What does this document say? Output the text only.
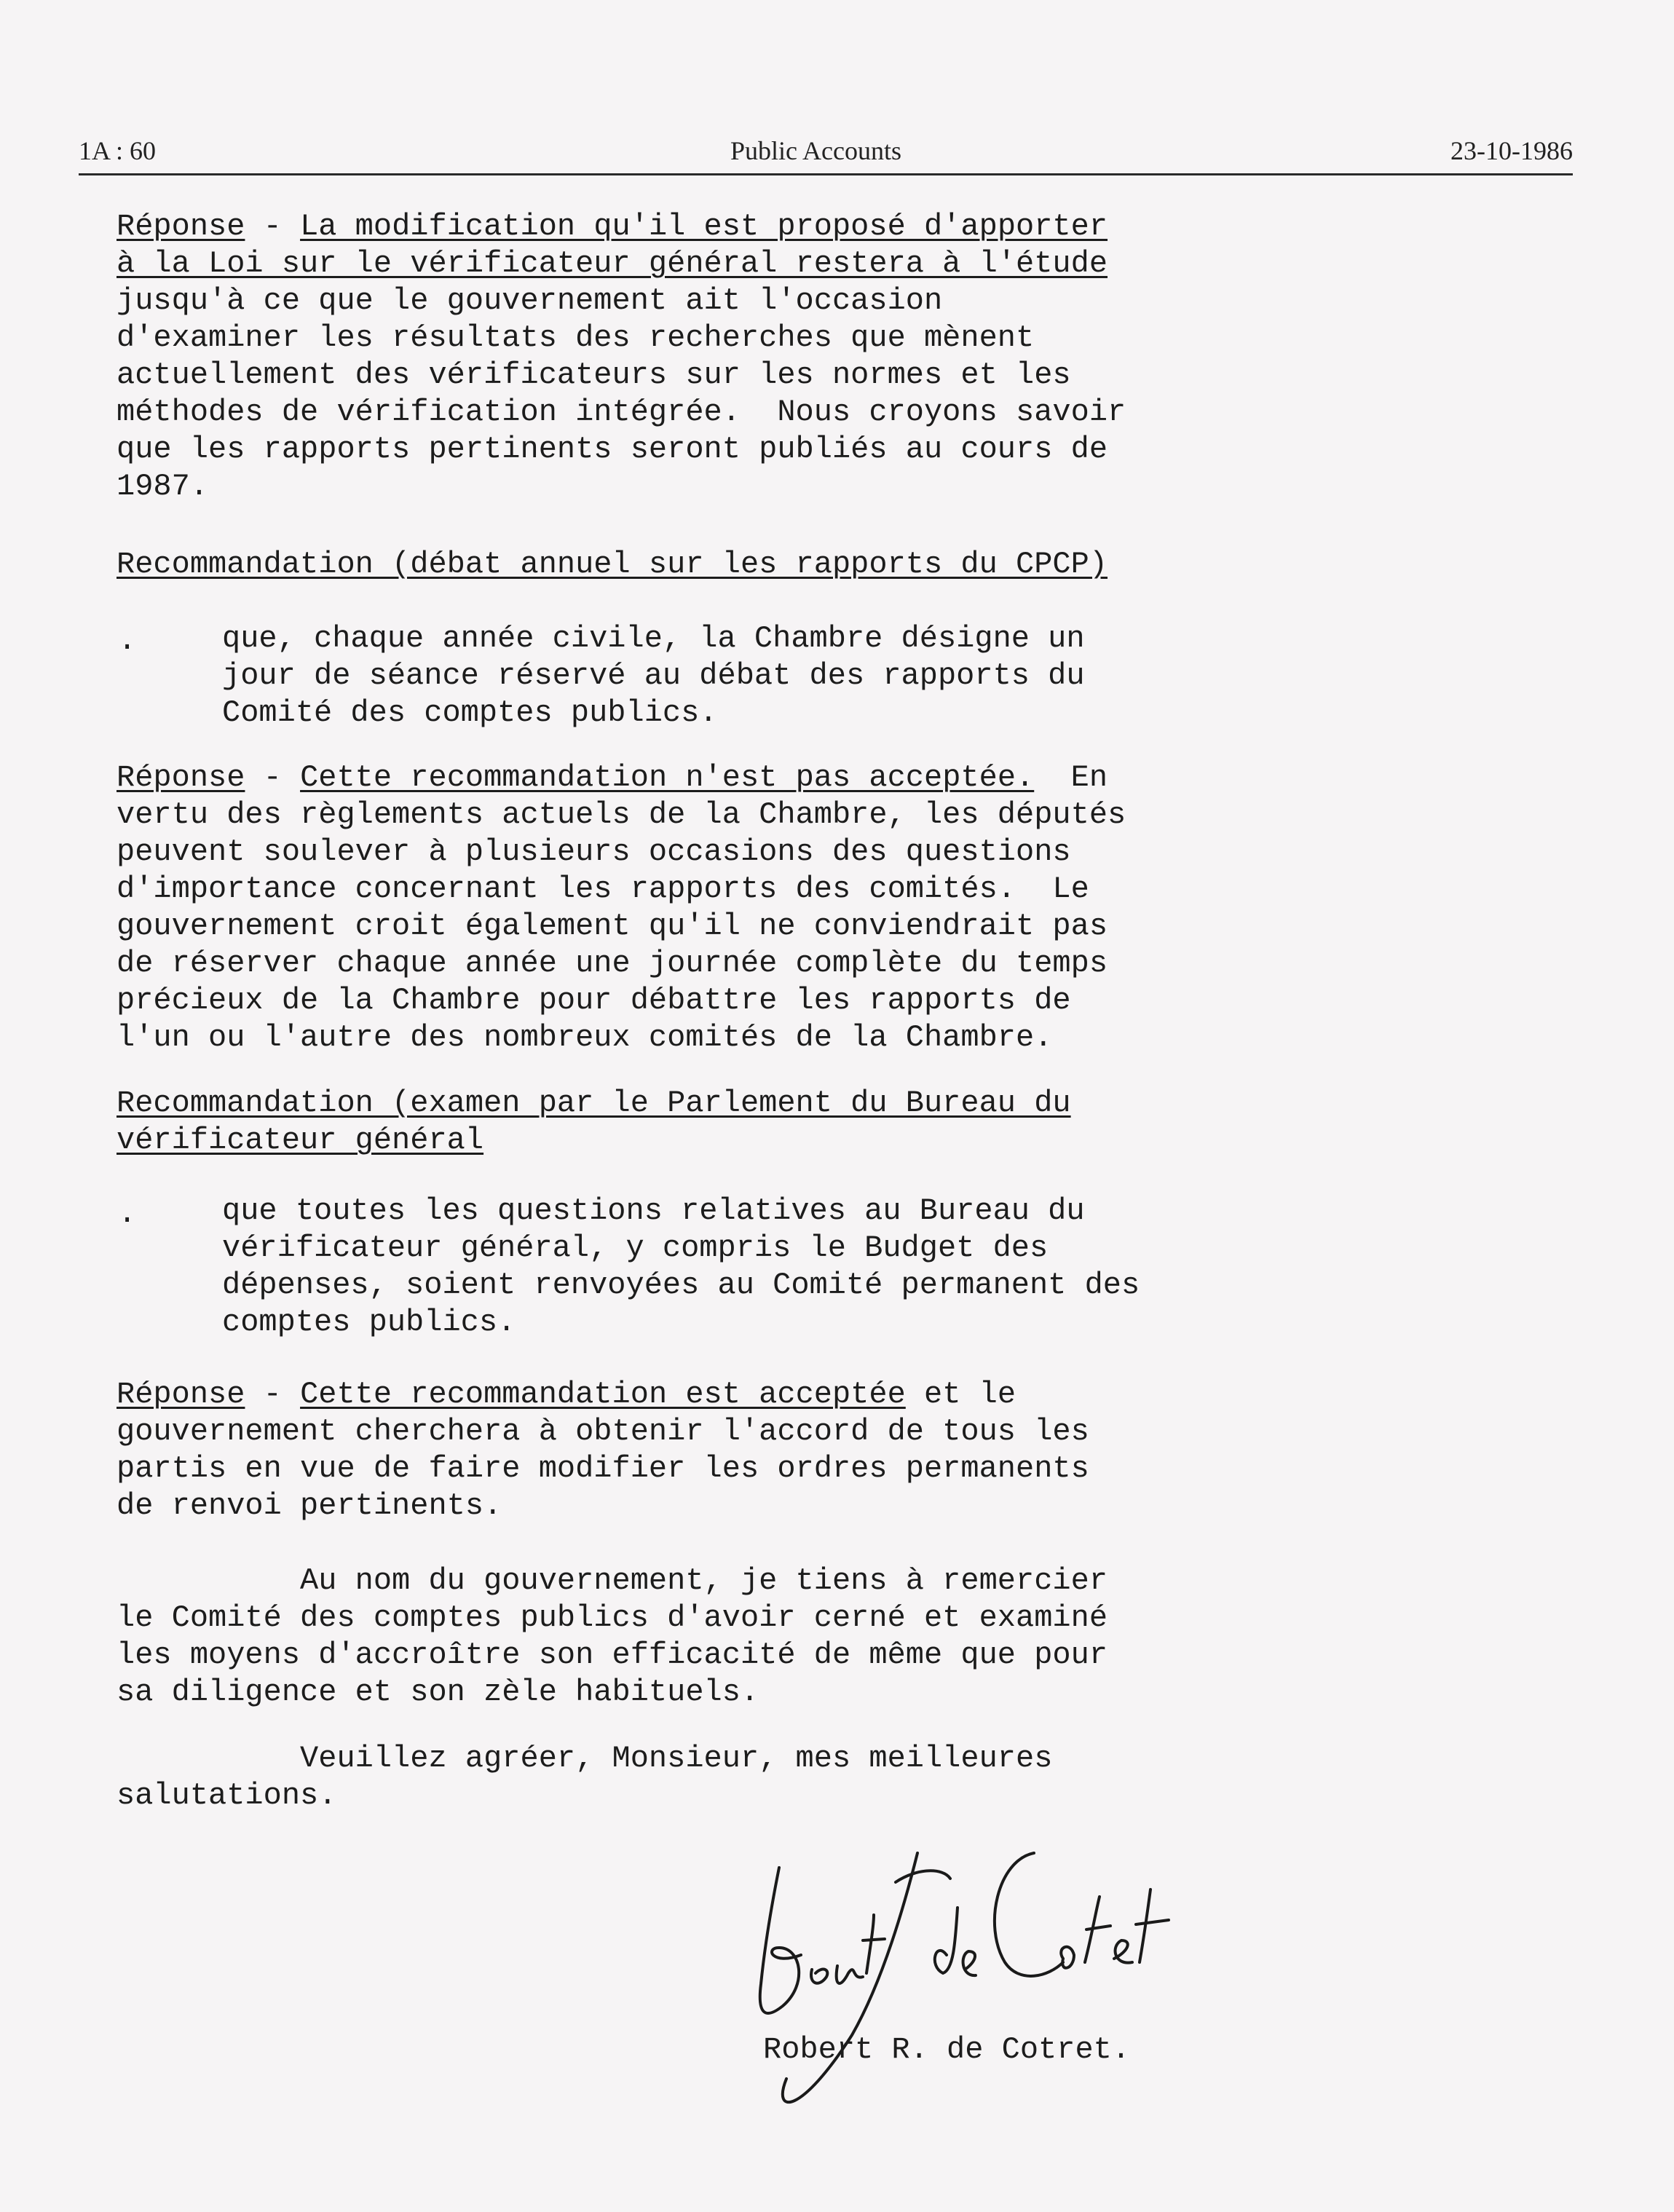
1A : 60	Public Accounts	23-10-1986
Réponse - La modification qu'il est proposé d'apporter
à la Loi sur le vérificateur général restera à l'étude
jusqu'à ce que le gouvernement ait l'occasion
d'examiner les résultats des recherches que mènent
actuellement des vérificateurs sur les normes et les
méthodes de vérification intégrée.  Nous croyons savoir
que les rapports pertinents seront publiés au cours de
1987.
Recommandation (débat annuel sur les rapports du CPCP)
.	que, chaque année civile, la Chambre désigne un
jour de séance réservé au débat des rapports du
Comité des comptes publics.
Réponse - Cette recommandation n'est pas acceptée.  En
vertu des règlements actuels de la Chambre, les députés
peuvent soulever à plusieurs occasions des questions
d'importance concernant les rapports des comités.  Le
gouvernement croit également qu'il ne conviendrait pas
de réserver chaque année une journée complète du temps
précieux de la Chambre pour débattre les rapports de
l'un ou l'autre des nombreux comités de la Chambre.
Recommandation (examen par le Parlement du Bureau du
vérificateur général
.	que toutes les questions relatives au Bureau du
vérificateur général, y compris le Budget des
dépenses, soient renvoyées au Comité permanent des
comptes publics.
Réponse - Cette recommandation est acceptée et le
gouvernement cherchera à obtenir l'accord de tous les
partis en vue de faire modifier les ordres permanents
de renvoi pertinents.
Au nom du gouvernement, je tiens à remercier
le Comité des comptes publics d'avoir cerné et examiné
les moyens d'accroître son efficacité de même que pour
sa diligence et son zèle habituels.
Veuillez agréer, Monsieur, mes meilleures
salutations.
Robert R. de Cotret.
